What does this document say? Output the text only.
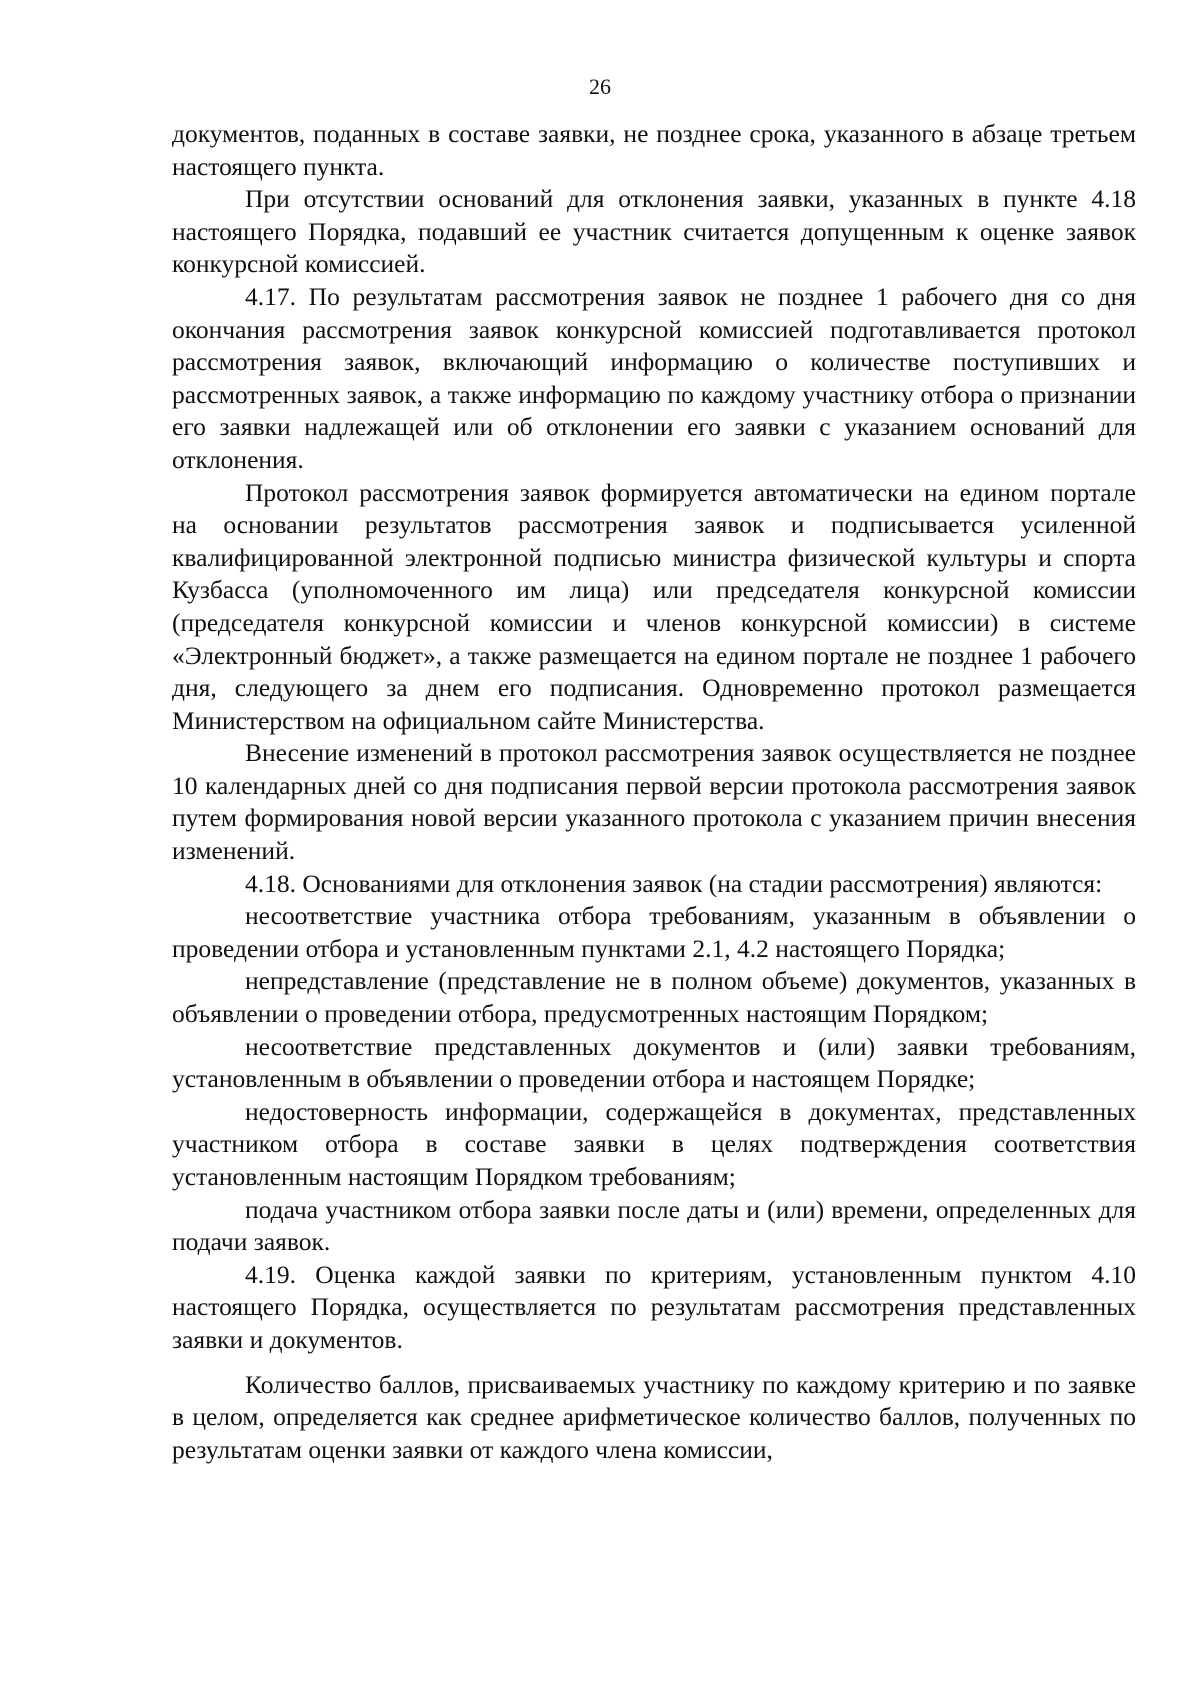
26

документов, поданных в составе заявки, не позднее срока, указанного в абзаце третьем настоящего пункта.

При отсутствии оснований для отклонения заявки, указанных в пункте 4.18 настоящего Порядка, подавший ее участник считается допущенным к оценке заявок конкурсной комиссией.

4.17. По результатам рассмотрения заявок не позднее 1 рабочего дня со дня окончания рассмотрения заявок конкурсной комиссией подготавливается протокол рассмотрения заявок, включающий информацию о количестве поступивших и рассмотренных заявок, а также информацию по каждому участнику отбора о признании его заявки надлежащей или об отклонении его заявки с указанием оснований для отклонения.

Протокол рассмотрения заявок формируется автоматически на едином портале на основании результатов рассмотрения заявок и подписывается усиленной квалифицированной электронной подписью министра физической культуры и спорта Кузбасса (уполномоченного им лица) или председателя конкурсной комиссии (председателя конкурсной комиссии и членов конкурсной комиссии) в системе «Электронный бюджет», а также размещается на едином портале не позднее 1 рабочего дня, следующего за днем его подписания. Одновременно протокол размещается Министерством на официальном сайте Министерства.

Внесение изменений в протокол рассмотрения заявок осуществляется не позднее 10 календарных дней со дня подписания первой версии протокола рассмотрения заявок путем формирования новой версии указанного протокола с указанием причин внесения изменений.

4.18. Основаниями для отклонения заявок (на стадии рассмотрения) являются:

несоответствие участника отбора требованиям, указанным в объявлении о проведении отбора и установленным пунктами 2.1, 4.2 настоящего Порядка;

непредставление (представление не в полном объеме) документов, указанных в объявлении о проведении отбора, предусмотренных настоящим Порядком;

несоответствие представленных документов и (или) заявки требованиям, установленным в объявлении о проведении отбора и настоящем Порядке;

недостоверность информации, содержащейся в документах, представленных участником отбора в составе заявки в целях подтверждения соответствия установленным настоящим Порядком требованиям;

подача участником отбора заявки после даты и (или) времени, определенных для подачи заявок.

4.19. Оценка каждой заявки по критериям, установленным пунктом 4.10 настоящего Порядка, осуществляется по результатам рассмотрения представленных заявки и документов.

Количество баллов, присваиваемых участнику по каждому критерию и по заявке в целом, определяется как среднее арифметическое количество баллов, полученных по результатам оценки заявки от каждого члена комиссии,
